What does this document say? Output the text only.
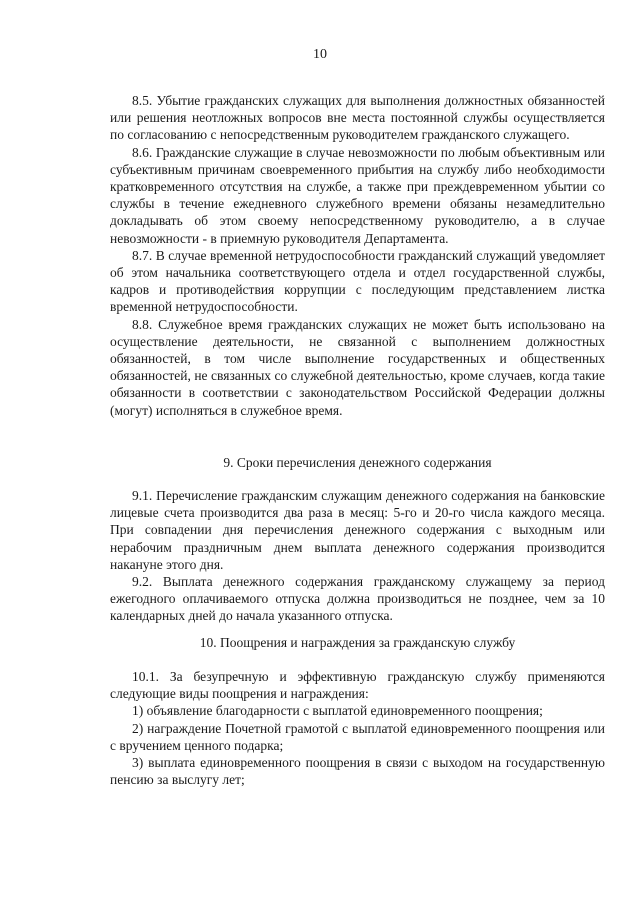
10

8.5. Убытие гражданских служащих для выполнения должностных обязанностей или решения неотложных вопросов вне места постоянной службы осуществляется по согласованию с непосредственным руководителем гражданского служащего.

8.6. Гражданские служащие в случае невозможности по любым объективным или субъективным причинам своевременного прибытия на службу либо необходимости кратковременного отсутствия на службе, а также при преждевременном убытии со службы в течение ежедневного служебного времени обязаны незамедлительно докладывать об этом своему непосредственному руководителю, а в случае невозможности - в приемную руководителя Департамента.

8.7. В случае временной нетрудоспособности гражданский служащий уведомляет об этом начальника соответствующего отдела и отдел государственной службы, кадров и противодействия коррупции с последующим представлением листка временной нетрудоспособности.

8.8. Служебное время гражданских служащих не может быть использовано на осуществление деятельности, не связанной с выполнением должностных обязанностей, в том числе выполнение государственных и общественных обязанностей, не связанных со служебной деятельностью, кроме случаев, когда такие обязанности в соответствии с законодательством Российской Федерации должны (могут) исполняться в служебное время.

9. Сроки перечисления денежного содержания

9.1. Перечисление гражданским служащим денежного содержания на банковские лицевые счета производится два раза в месяц: 5-го и 20-го числа каждого месяца. При совпадении дня перечисления денежного содержания с выходным или нерабочим праздничным днем выплата денежного содержания производится накануне этого дня.

9.2. Выплата денежного содержания гражданскому служащему за период ежегодного оплачиваемого отпуска должна производиться не позднее, чем за 10 календарных дней до начала указанного отпуска.

10. Поощрения и награждения за гражданскую службу

10.1. За безупречную и эффективную гражданскую службу применяются следующие виды поощрения и награждения:

1) объявление благодарности с выплатой единовременного поощрения;

2) награждение Почетной грамотой с выплатой единовременного поощрения или с вручением ценного подарка;

3) выплата единовременного поощрения в связи с выходом на государственную пенсию за выслугу лет;
